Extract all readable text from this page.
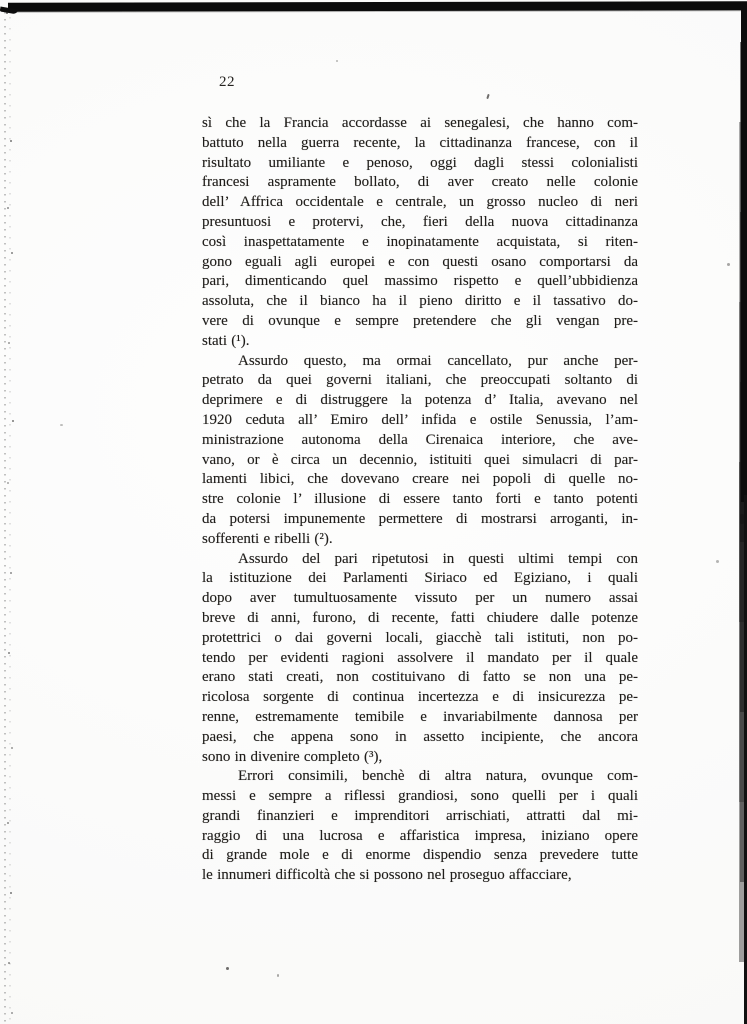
22
sì che la Francia accordasse ai senegalesi, che hanno com-
battuto nella guerra recente, la cittadinanza francese, con il
risultato umiliante e penoso, oggi dagli stessi colonialisti
francesi aspramente bollato, di aver creato nelle colonie
dell’ Affrica occidentale e centrale, un grosso nucleo di neri
presuntuosi e protervi, che, fieri della nuova cittadinanza
così inaspettatamente e inopinatamente acquistata, si riten-
gono eguali agli europei e con questi osano comportarsi da
pari, dimenticando quel massimo rispetto e quell’ubbidienza
assoluta, che il bianco ha il pieno diritto e il tassativo do-
vere di ovunque e sempre pretendere che gli vengan pre-
stati (¹).
Assurdo questo, ma ormai cancellato, pur anche per-
petrato da quei governi italiani, che preoccupati soltanto di
deprimere e di distruggere la potenza d’ Italia, avevano nel
1920 ceduta all’ Emiro dell’ infida e ostile Senussia, l’am-
ministrazione autonoma della Cirenaica interiore, che ave-
vano, or è circa un decennio, istituiti quei simulacri di par-
lamenti libici, che dovevano creare nei popoli di quelle no-
stre colonie l’ illusione di essere tanto forti e tanto potenti
da potersi impunemente permettere di mostrarsi arroganti, in-
sofferenti e ribelli (²).
Assurdo del pari ripetutosi in questi ultimi tempi con
la istituzione dei Parlamenti Siriaco ed Egiziano, i quali
dopo aver tumultuosamente vissuto per un numero assai
breve di anni, furono, di recente, fatti chiudere dalle potenze
protettrici o dai governi locali, giacchè tali istituti, non po-
tendo per evidenti ragioni assolvere il mandato per il quale
erano stati creati, non costituivano di fatto se non una pe-
ricolosa sorgente di continua incertezza e di insicurezza pe-
renne, estremamente temibile e invariabilmente dannosa per
paesi, che appena sono in assetto incipiente, che ancora
sono in divenire completo (³),
Errori consimili, benchè di altra natura, ovunque com-
messi e sempre a riflessi grandiosi, sono quelli per i quali
grandi finanzieri e imprenditori arrischiati, attratti dal mi-
raggio di una lucrosa e affaristica impresa, iniziano opere
di grande mole e di enorme dispendio senza prevedere tutte
le innumeri difficoltà che si possono nel proseguo affacciare,
